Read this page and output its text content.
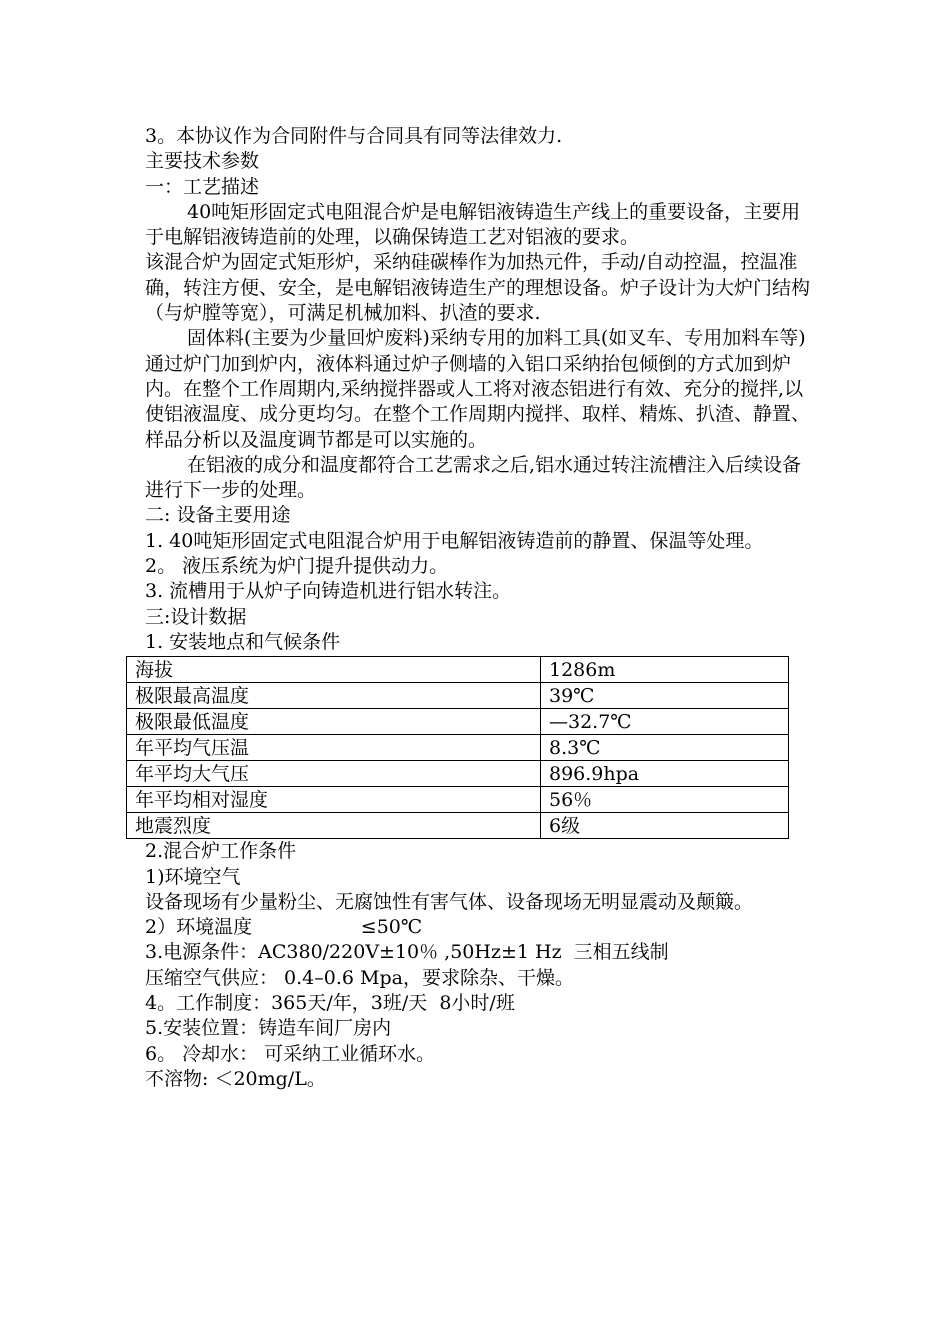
3。本协议作为合同附件与合同具有同等法律效力.

主要技术参数

一：工艺描述

40吨矩形固定式电阻混合炉是电解铝液铸造生产线上的重要设备，主要用于电解铝液铸造前的处理，以确保铸造工艺对铝液的要求。

该混合炉为固定式矩形炉，采纳硅碳棒作为加热元件，手动/自动控温，控温准确，转注方便、安全，是电解铝液铸造生产的理想设备。炉子设计为大炉门结构（与炉膛等宽），可满足机械加料、扒渣的要求.

固体料(主要为少量回炉废料)采纳专用的加料工具(如叉车、专用加料车等)通过炉门加到炉内，液体料通过炉子侧墙的入铝口采纳抬包倾倒的方式加到炉内。在整个工作周期内,采纳搅拌器或人工将对液态铝进行有效、充分的搅拌,以使铝液温度、成分更均匀。在整个工作周期内搅拌、取样、精炼、扒渣、静置、样品分析以及温度调节都是可以实施的。

在铝液的成分和温度都符合工艺需求之后,铝水通过转注流槽注入后续设备进行下一步的处理。

二: 设备主要用途

1. 40吨矩形固定式电阻混合炉用于电解铝液铸造前的静置、保温等处理。

2。 液压系统为炉门提升提供动力。

3. 流槽用于从炉子向铸造机进行铝水转注。

三:设计数据

1. 安装地点和气候条件

海拔	1286m
极限最高温度	39℃
极限最低温度	—32.7℃
年平均气压温	8.3℃
年平均大气压	896.9hpa
年平均相对湿度	56％
地震烈度	6级

2.混合炉工作条件

1)环境空气

设备现场有少量粉尘、无腐蚀性有害气体、设备现场无明显震动及颠簸。

2）环境温度                  ≤50℃

3.电源条件：AC380/220V±10％ ,50Hz±1 Hz  三相五线制

压缩空气供应： 0.4–0.6 Mpa，要求除杂、干燥。

4。工作制度：365天/年，3班/天  8小时/班

5.安装位置：铸造车间厂房内

6。 冷却水： 可采纳工业循环水。

不溶物: ＜20mg/L。
